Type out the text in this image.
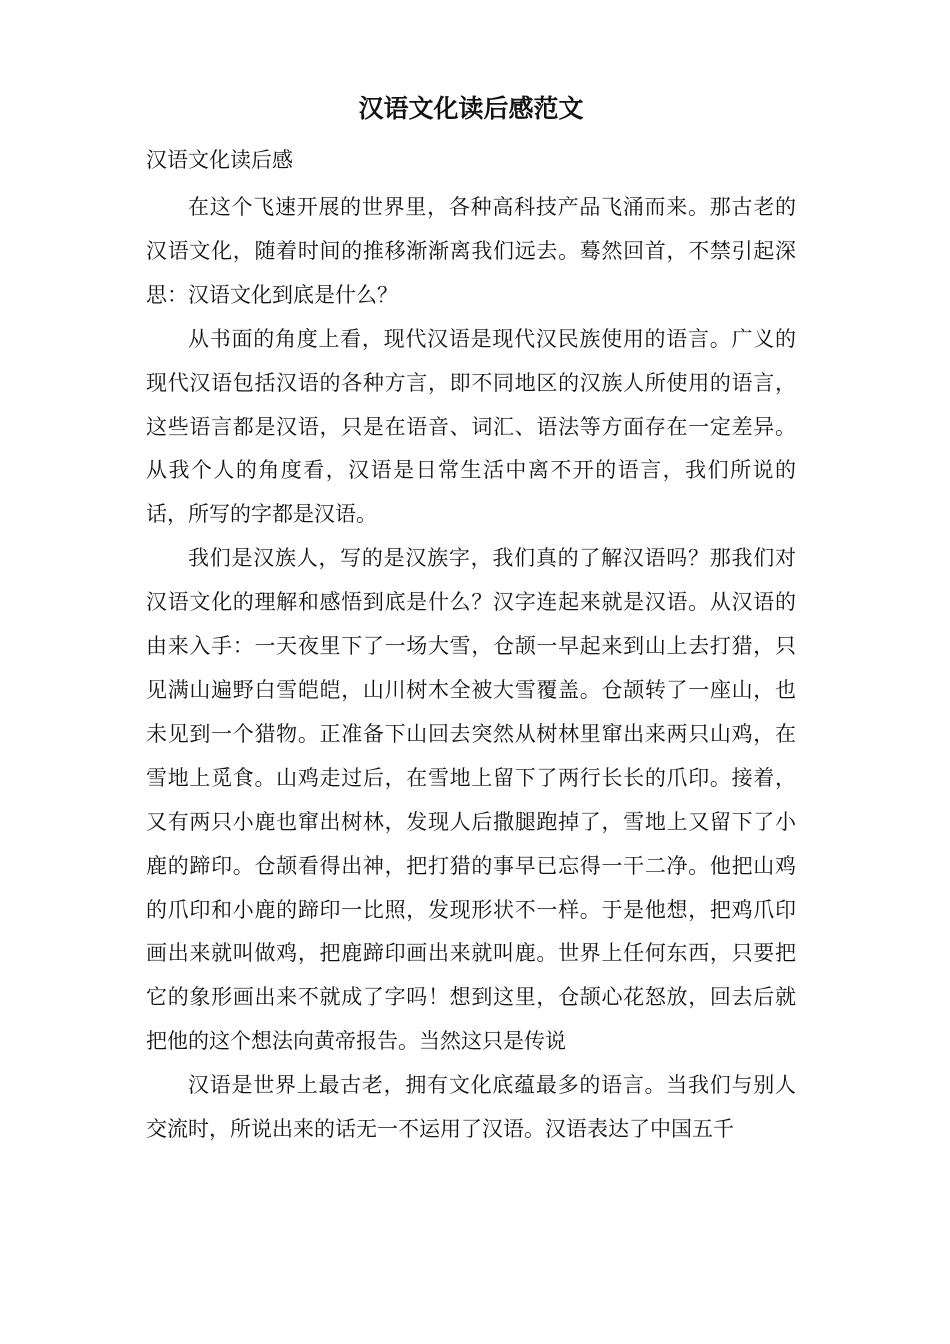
汉语文化读后感范文

汉语文化读后感

在这个飞速开展的世界里，各种高科技产品飞涌而来。那古老的汉语文化，随着时间的推移渐渐离我们远去。蓦然回首，不禁引起深思：汉语文化到底是什么？

从书面的角度上看，现代汉语是现代汉民族使用的语言。广义的现代汉语包括汉语的各种方言，即不同地区的汉族人所使用的语言，这些语言都是汉语，只是在语音、词汇、语法等方面存在一定差异。从我个人的角度看，汉语是日常生活中离不开的语言，我们所说的话，所写的字都是汉语。

我们是汉族人，写的是汉族字，我们真的了解汉语吗？那我们对汉语文化的理解和感悟到底是什么？汉字连起来就是汉语。从汉语的由来入手：一天夜里下了一场大雪，仓颉一早起来到山上去打猎，只见满山遍野白雪皑皑，山川树木全被大雪覆盖。仓颉转了一座山，也未见到一个猎物。正准备下山回去突然从树林里窜出来两只山鸡，在雪地上觅食。山鸡走过后，在雪地上留下了两行长长的爪印。接着，又有两只小鹿也窜出树林，发现人后撒腿跑掉了，雪地上又留下了小鹿的蹄印。仓颉看得出神，把打猎的事早已忘得一干二净。他把山鸡的爪印和小鹿的蹄印一比照，发现形状不一样。于是他想，把鸡爪印画出来就叫做鸡，把鹿蹄印画出来就叫鹿。世界上任何东西，只要把它的象形画出来不就成了字吗！想到这里，仓颉心花怒放，回去后就把他的这个想法向黄帝报告。当然这只是传说

汉语是世界上最古老，拥有文化底蕴最多的语言。当我们与别人交流时，所说出来的话无一不运用了汉语。汉语表达了中国五千
